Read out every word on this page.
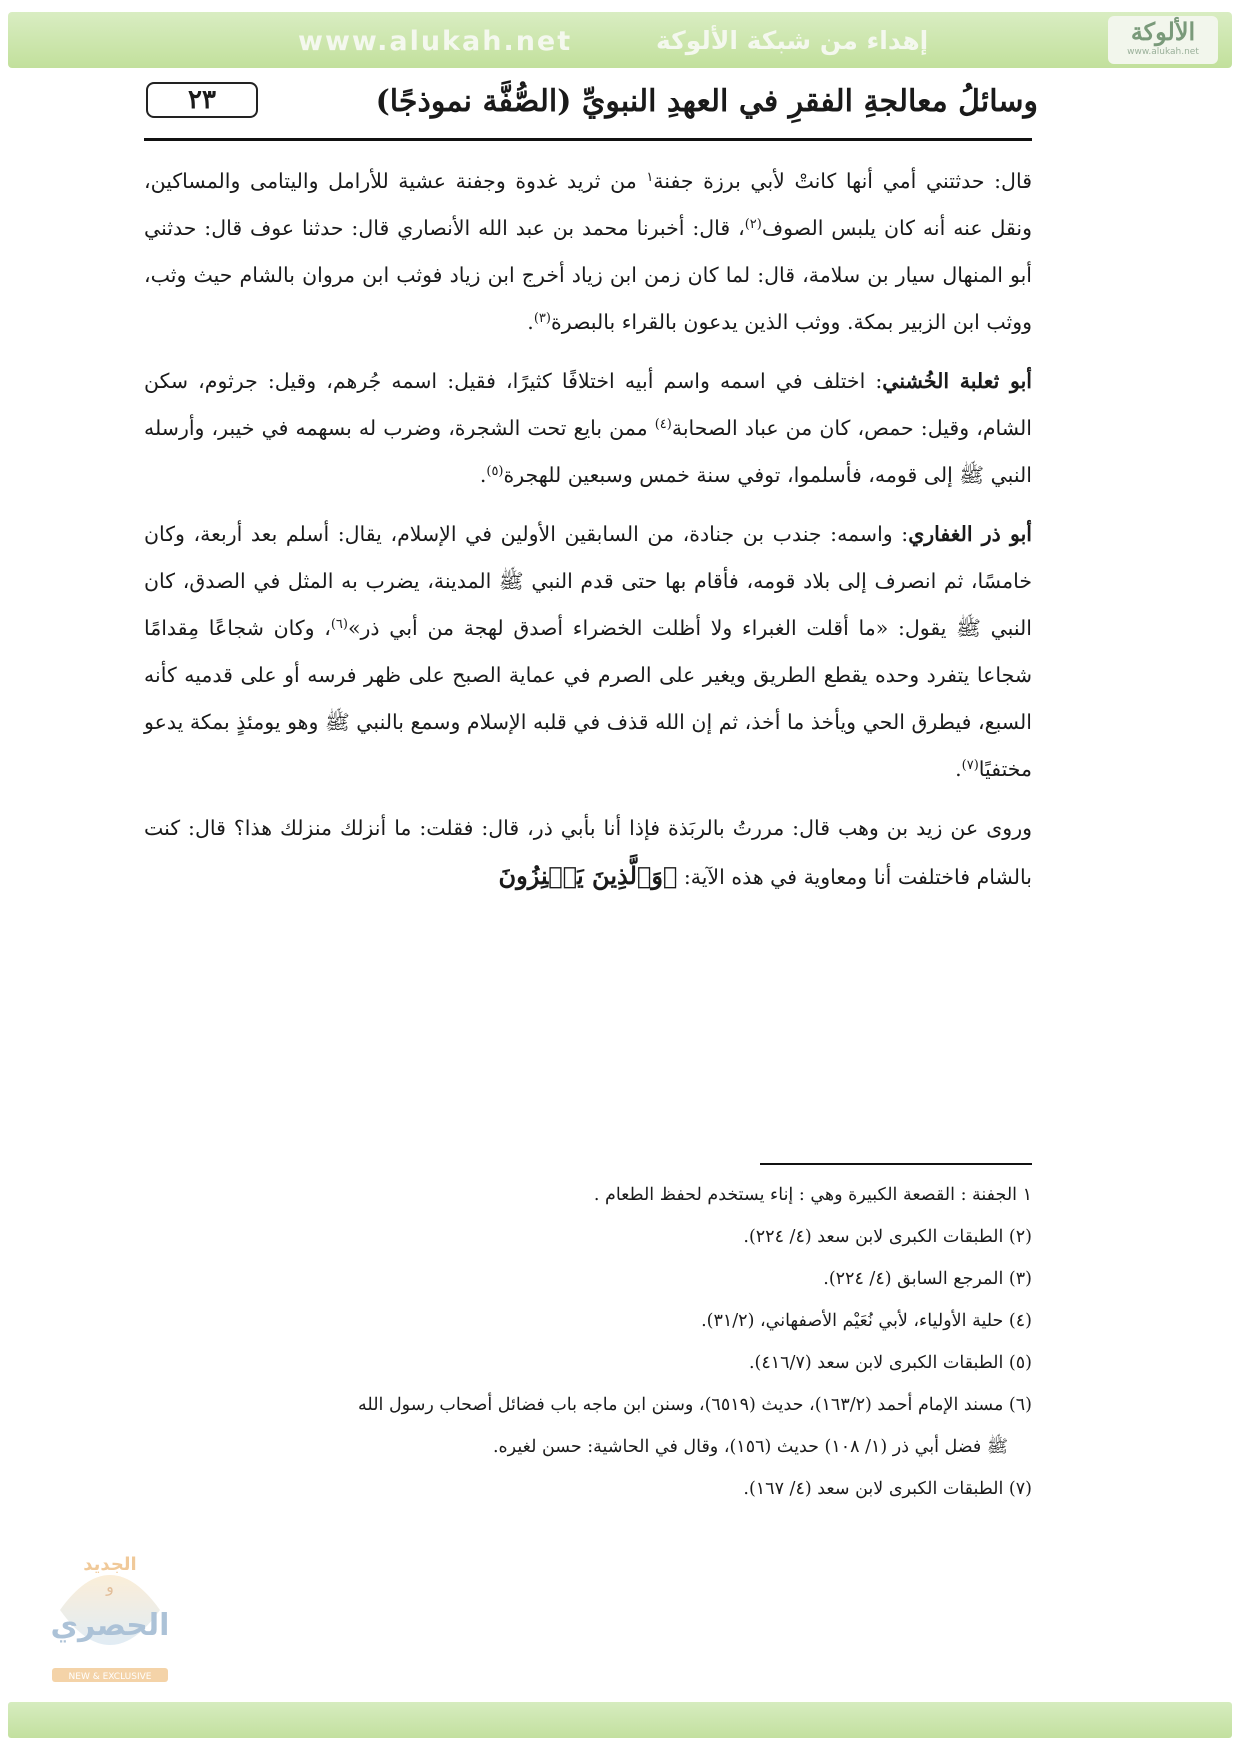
www.alukah.net	إهداء من شبكة الألوكة	الألوكة
www.alukah.net
٢٣	وسائلُ معالجةِ الفقرِ في العهدِ النبويِّ (الصُّفَّة نموذجًا)

قال: حدثتني أمي أنها كانتْ لأبي برزة جفنة$^١$ من ثريد غدوة وجفنة عشية للأرامل واليتامى والمساكين، ونقل عنه أنه كان يلبس الصوف$^{(٢)}$، قال: أخبرنا محمد بن عبد الله الأنصاري قال: حدثنا عوف قال: حدثني أبو المنهال سيار بن سلامة، قال: لما كان زمن ابن زياد أخرج ابن زياد فوثب ابن مروان بالشام حيث وثب، ووثب ابن الزبير بمكة. ووثب الذين يدعون بالقراء بالبصرة$^{(٣)}$.

أبو ثعلبة الخُشني: اختلف في اسمه واسم أبيه اختلافًا كثيرًا، فقيل: اسمه جُرهم، وقيل: جرثوم، سكن الشام، وقيل: حمص، كان من عباد الصحابة$^{(٤)}$ ممن بايع تحت الشجرة، وضرب له بسهمه في خيبر، وأرسله النبي ﷺ إلى قومه، فأسلموا، توفي سنة خمس وسبعين للهجرة$^{(٥)}$.

أبو ذر الغفاري: واسمه: جندب بن جنادة، من السابقين الأولين في الإسلام، يقال: أسلم بعد أربعة، وكان خامسًا، ثم انصرف إلى بلاد قومه، فأقام بها حتى قدم النبي ﷺ المدينة، يضرب به المثل في الصدق، كان النبي ﷺ يقول: «ما أقلت الغبراء ولا أظلت الخضراء أصدق لهجة من أبي ذر»$^{(٦)}$، وكان شجاعًا مِقدامًا شجاعا يتفرد وحده يقطع الطريق ويغير على الصرم في عماية الصبح على ظهر فرسه أو على قدميه كأنه السبع، فيطرق الحي ويأخذ ما أخذ، ثم إن الله قذف في قلبه الإسلام وسمع بالنبي ﷺ وهو يومئذٍ بمكة يدعو مختفيًا$^{(٧)}$.

وروى عن زيد بن وهب قال: مررتُ بالربَذة فإذا أنا بأبي ذر، قال: فقلت: ما أنزلك منزلك هذا؟ قال: كنت بالشام فاختلفت أنا ومعاوية في هذه الآية: ﴿وَٱلَّذِينَ يَكۡنِزُونَ

١ الجفنة : القصعة الكبيرة وهي : إناء يستخدم لحفظ الطعام .
(٢) الطبقات الكبرى لابن سعد (٤/ ٢٢٤).
(٣) المرجع السابق (٤/ ٢٢٤).
(٤) حلية الأولياء، لأبي نُعَيْم الأصفهاني، (٣١/٢).
(٥) الطبقات الكبرى لابن سعد (٤١٦/٧).
(٦) مسند الإمام أحمد (١٦٣/٢)، حديث (٦٥١٩)، وسنن ابن ماجه باب فضائل أصحاب رسول الله
ﷺ فضل أبي ذر (١/ ١٠٨) حديث (١٥٦)، وقال في الحاشية: حسن لغيره.
(٧) الطبقات الكبرى لابن سعد (٤/ ١٦٧).
الجديد
و
الحصري
NEW & EXCLUSIVE
